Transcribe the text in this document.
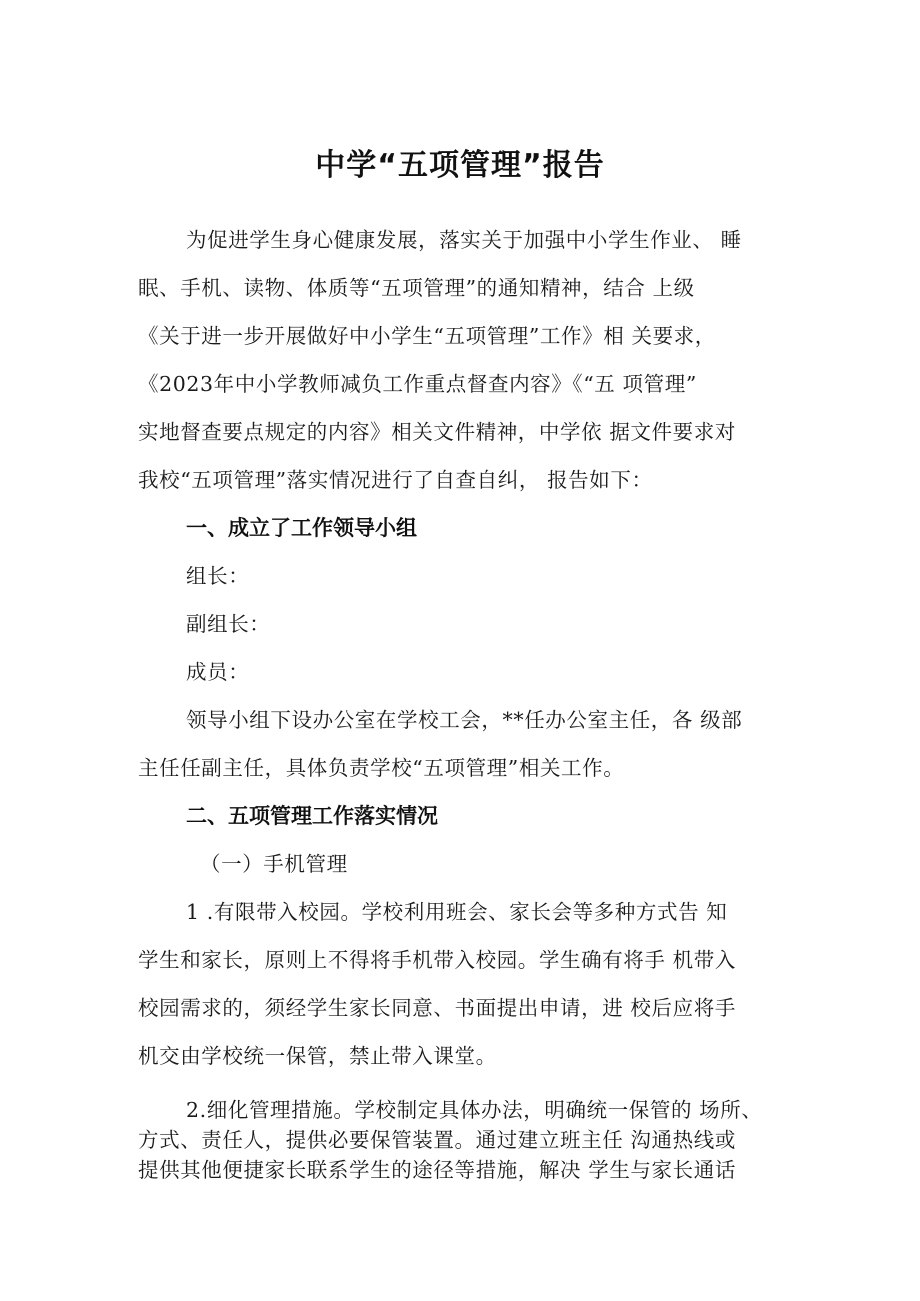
中学“五项管理”报告
为促进学生身心健康发展，落实关于加强中小学生作业、 睡
眠、手机、读物、体质等“五项管理”的通知精神，结合 上级
《关于进一步开展做好中小学生“五项管理”工作》相 关要求，
《2023年中小学教师减负工作重点督查内容》《“五 项管理”
实地督查要点规定的内容》相关文件精神，中学依 据文件要求对
我校“五项管理”落实情况进行了自查自纠， 报告如下：
一、成立了工作领导小组
组长：
副组长：
成员：
领导小组下设办公室在学校工会，**任办公室主任，各 级部
主任任副主任，具体负责学校“五项管理”相关工作。
二、五项管理工作落实情况
（一）手机管理
1 .有限带入校园。学校利用班会、家长会等多种方式告 知
学生和家长，原则上不得将手机带入校园。学生确有将手 机带入
校园需求的，须经学生家长同意、书面提出申请，进 校后应将手
机交由学校统一保管，禁止带入课堂。
2.细化管理措施。学校制定具体办法，明确统一保管的 场所、
方式、责任人，提供必要保管装置。通过建立班主任 沟通热线或
提供其他便捷家长联系学生的途径等措施，解决 学生与家长通话
